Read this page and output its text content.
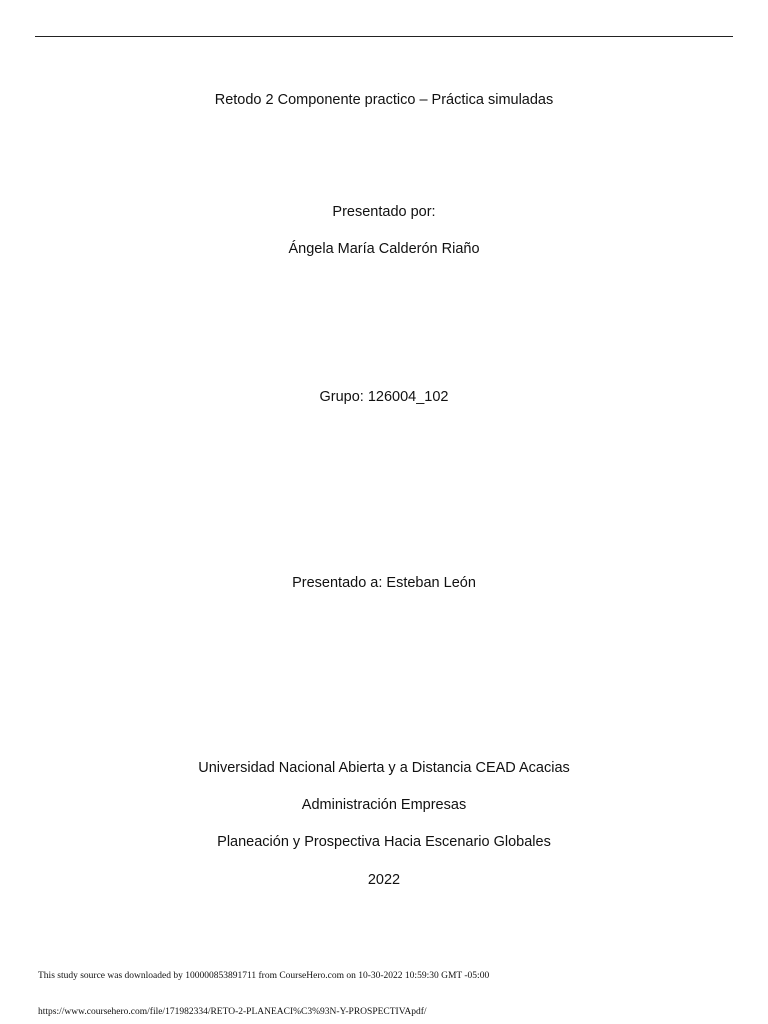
Retodo 2 Componente practico – Práctica simuladas
Presentado por:
Ángela María Calderón Riaño
Grupo: 126004_102
Presentado a: Esteban León
Universidad Nacional Abierta y a Distancia CEAD Acacias
Administración Empresas
Planeación y Prospectiva Hacia Escenario Globales
2022
This study source was downloaded by 100000853891711 from CourseHero.com on 10-30-2022 10:59:30 GMT -05:00
https://www.coursehero.com/file/171982334/RETO-2-PLANEACI%C3%93N-Y-PROSPECTIVApdf/
